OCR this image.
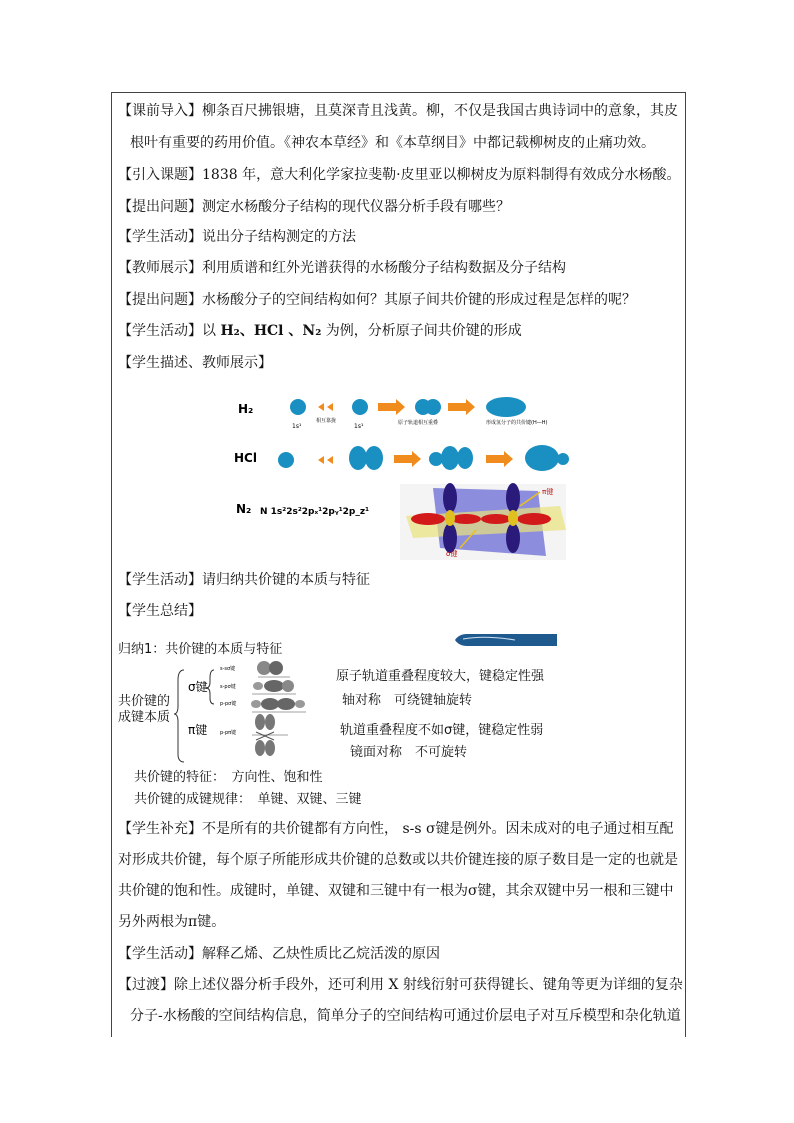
【课前导入】柳条百尺拂银塘，且莫深青且浅黄。柳，不仅是我国古典诗词中的意象，其皮
根叶有重要的药用价值。《神农本草经》和《本草纲目》中都记载柳树皮的止痛功效。
【引入课题】1838 年，意大利化学家拉斐勒·皮里亚以柳树皮为原料制得有效成分水杨酸。
【提出问题】测定水杨酸分子结构的现代仪器分析手段有哪些？
【学生活动】说出分子结构测定的方法
【教师展示】利用质谱和红外光谱获得的水杨酸分子结构数据及分子结构
【提出问题】水杨酸分子的空间结构如何？其原子间共价键的形成过程是怎样的呢？
【学生活动】以 H₂、HCl 、N₂ 为例，分析原子间共价键的形成
【学生描述、教师展示】
H₂
1s¹
相互靠拢
1s¹	原子轨道相互重叠	形成氢分子的共价键(H—H)
HCl
N₂ N 1s²2s²2pₓ¹2pᵧ¹2p_z¹
π键
σ键
【学生活动】请归纳共价键的本质与特征
【学生总结】
归纳1：共价键的本质与特征
共价键的
成键本质
σ键
s-sσ键
s-pσ键
p-pσ键
π键	p-pπ键
原子轨道重叠程度较大，键稳定性强
轴对称　可绕键轴旋转
轨道重叠程度不如σ键，键稳定性弱
镜面对称　不可旋转
共价键的特征：　方向性、饱和性
共价键的成键规律：　单键、双键、三键
【学生补充】不是所有的共价键都有方向性， s-s σ键是例外。因未成对的电子通过相互配对形成共价键，每个原子所能形成共价键的总数或以共价键连接的原子数目是一定的也就是共价键的饱和性。成键时，单键、双键和三键中有一根为σ键，其余双键中另一根和三键中另外两根为π键。
【学生活动】解释乙烯、乙炔性质比乙烷活泼的原因
【过渡】除上述仪器分析手段外，还可利用 X 射线衍射可获得键长、键角等更为详细的复杂
分子-水杨酸的空间结构信息，简单分子的空间结构可通过价层电子对互斥模型和杂化轨道
